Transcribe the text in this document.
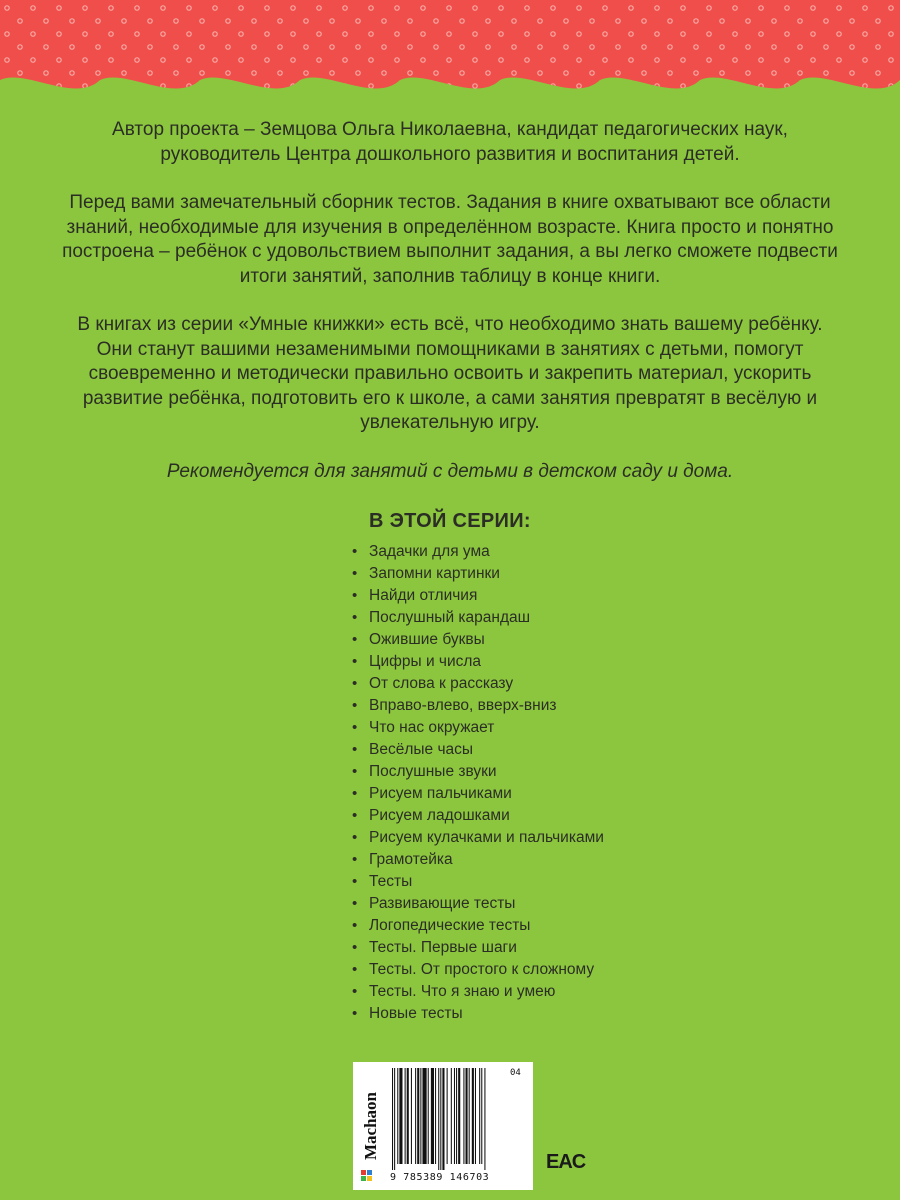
Автор проекта – Земцова Ольга Николаевна, кандидат педагогических наук, руководитель Центра дошкольного развития и воспитания детей.

Перед вами замечательный сборник тестов. Задания в книге охватывают все области знаний, необходимые для изучения в определённом возрасте. Книга просто и понятно построена – ребёнок с удовольствием выполнит задания, а вы легко сможете подвести итоги занятий, заполнив таблицу в конце книги.

В книгах из серии «Умные книжки» есть всё, что необходимо знать вашему ребёнку. Они станут вашими незаменимыми помощниками в занятиях с детьми, помогут своевременно и методически правильно освоить и закрепить материал, ускорить развитие ребёнка, подготовить его к школе, а сами занятия превратят в весёлую и увлекательную игру.

Рекомендуется для занятий с детьми в детском саду и дома.

В ЭТОЙ СЕРИИ:
• Задачки для ума
• Запомни картинки
• Найди отличия
• Послушный карандаш
• Ожившие буквы
• Цифры и числа
• От слова к рассказу
• Вправо-влево, вверх-вниз
• Что нас окружает
• Весёлые часы
• Послушные звуки
• Рисуем пальчиками
• Рисуем ладошками
• Рисуем кулачками и пальчиками
• Грамотейка
• Тесты
• Развивающие тесты
• Логопедические тесты
• Тесты. Первые шаги
• Тесты. От простого к сложному
• Тесты. Что я знаю и умею
• Новые тесты
Machaon
9 785389 146703
04
EAC
